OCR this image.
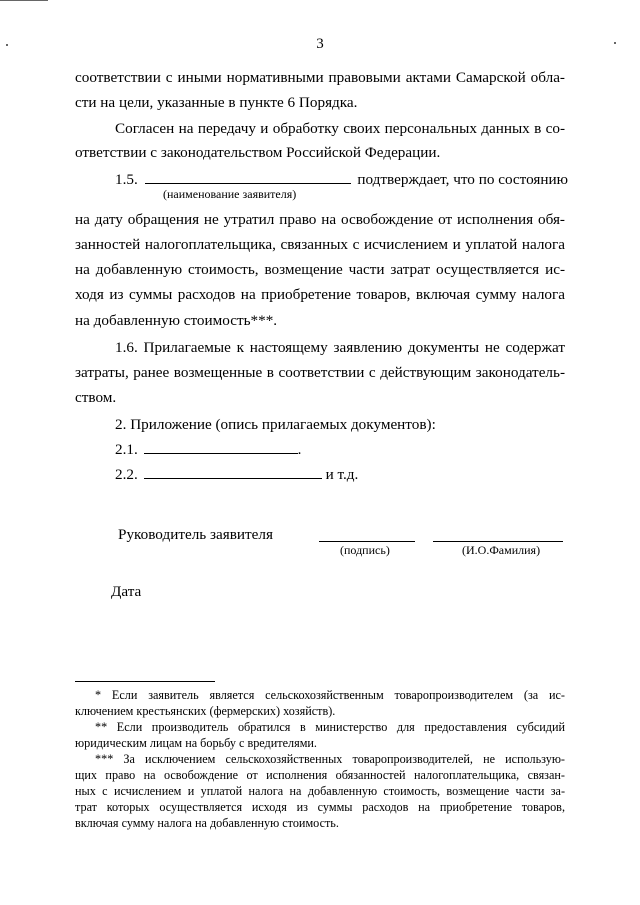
3
соответствии с иными нормативными правовыми актами Самарской обла-
сти на цели, указанные в пункте 6 Порядка.
Согласен на передачу и обработку своих персональных данных в со-
ответствии с законодательством Российской Федерации.
1.5.	подтверждает, что по состоянию
(наименование заявителя)
на дату обращения не утратил право на освобождение от исполнения обя-
занностей налогоплательщика, связанных с исчислением и уплатой налога
на добавленную стоимость, возмещение части затрат осуществляется ис-
ходя из суммы расходов на приобретение товаров, включая сумму налога
на добавленную стоимость***.
1.6. Прилагаемые к настоящему заявлению документы не содержат
затраты, ранее возмещенные в соответствии с действующим законодатель-
ством.
2. Приложение (опись прилагаемых документов):
2.1.	.
2.2.	и т.д.
Руководитель заявителя
(подпись)	(И.О.Фамилия)
Дата
* Если заявитель является сельскохозяйственным товаропроизводителем (за ис-
ключением крестьянских (фермерских) хозяйств).
** Если производитель обратился в министерство для предоставления субсидий
юридическим лицам на борьбу с вредителями.
*** За исключением сельскохозяйственных товаропроизводителей, не использую-
щих право на освобождение от исполнения обязанностей налогоплательщика, связан-
ных с исчислением и уплатой налога на добавленную стоимость, возмещение части за-
трат которых осуществляется исходя из суммы расходов на приобретение товаров,
включая сумму налога на добавленную стоимость.
